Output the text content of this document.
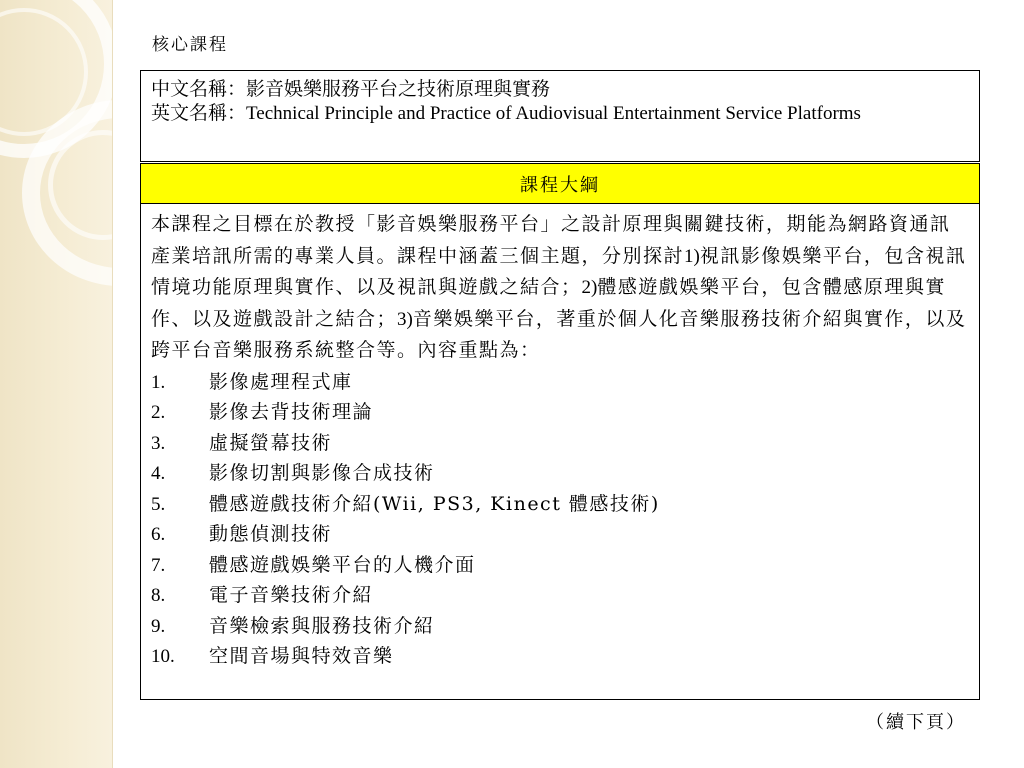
核心課程
中文名稱：影音娛樂服務平台之技術原理與實務
英文名稱：Technical Principle and Practice of Audiovisual Entertainment Service Platforms

課程大綱

本課程之目標在於教授「影音娛樂服務平台」之設計原理與關鍵技術，期能為網路資通訊產業培訊所需的專業人員。課程中涵蓋三個主題，分別探討1)視訊影像娛樂平台，包含視訊情境功能原理與實作、以及視訊與遊戲之結合；2)體感遊戲娛樂平台，包含體感原理與實作、以及遊戲設計之結合；3)音樂娛樂平台，著重於個人化音樂服務技術介紹與實作，以及跨平台音樂服務系統整合等。內容重點為：

1. 影像處理程式庫
2. 影像去背技術理論
3. 虛擬螢幕技術
4. 影像切割與影像合成技術
5. 體感遊戲技術介紹(Wii, PS3, Kinect 體感技術)
6. 動態偵測技術
7. 體感遊戲娛樂平台的人機介面
8. 電子音樂技術介紹
9. 音樂檢索與服務技術介紹
10. 空間音場與特效音樂
（續下頁）
